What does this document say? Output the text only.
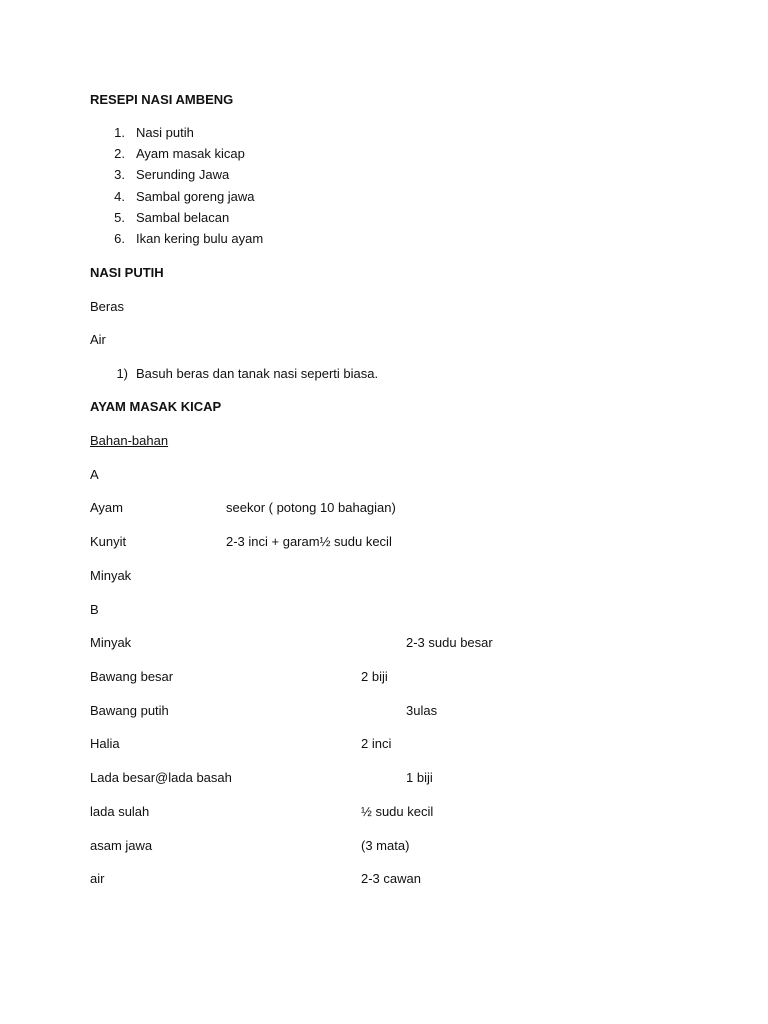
RESEPI NASI AMBENG
1. Nasi putih
2. Ayam masak kicap
3. Serunding Jawa
4. Sambal goreng jawa
5. Sambal belacan
6. Ikan kering bulu ayam
NASI PUTIH
Beras
Air
1) Basuh beras dan tanak nasi seperti biasa.
AYAM MASAK KICAP
Bahan-bahan
A
Ayam	seekor ( potong 10 bahagian)
Kunyit	2-3 inci + garam½ sudu kecil
Minyak
B
Minyak	2-3 sudu besar
Bawang besar	2 biji
Bawang putih	3ulas
Halia	2 inci
Lada besar@lada basah	1 biji
lada sulah	½ sudu kecil
asam jawa	(3 mata)
air	2-3 cawan
